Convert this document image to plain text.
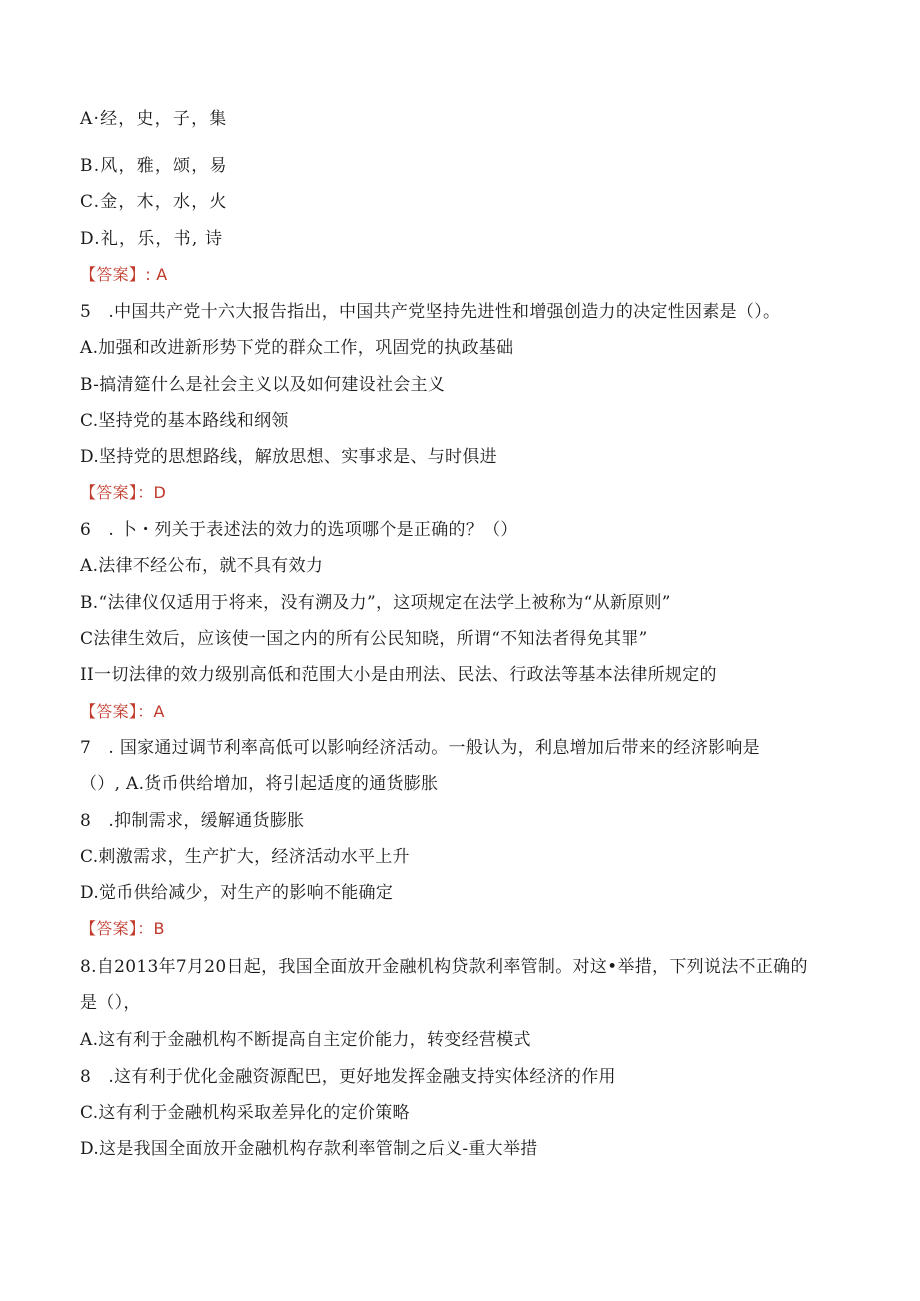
A·经，史，子，集
B.风，雅，颂，易
C.金，木，水，火
D.礼，乐，书, 诗
【答案】: A
5　.中国共产党十六大报告指出，中国共产党坚持先进性和增强创造力的决定性因素是（）。
A.加强和改进新形势下党的群众工作，巩固党的执政基础
B-搞清筵什么是社会主义以及如何建设社会主义
C.坚持党的基本路线和纲领
D.坚持党的思想路线，解放思想、实事求是、与时俱进
【答案】：D
6　. 卜・列关于表述法的效力的选项哪个是正确的？（）
A.法律不经公布，就不具有效力
B.“法律仪仅适用于将来，没有溯及力”，这项规定在法学上被称为“从新原则”
C法律生效后，应该使一国之内的所有公民知晓，所谓“不知法者得免其罪”
II一切法律的效力级别高低和范围大小是由刑法、民法、行政法等基本法律所规定的
【答案】：A
7　. 国家通过调节利率高低可以影响经济活动。一般认为，利息增加后带来的经济影响是
（）, A.货币供给增加，将引起适度的通货膨胀
8　.抑制需求，缓解通货膨胀
C.刺激需求，生产扩大，经济活动水平上升
D.觉币供给减少，对生产的影响不能确定
【答案】：B
8.自2013年7月20日起，我国全面放开金融机构贷款利率管制。对这•举措，下列说法不正确的
是（），
A.这有利于金融机构不断提高自主定价能力，转变经营模式
8　.这有利于优化金融资源配巴，更好地发挥金融支持实体经济的作用
C.这有利于金融机构采取差异化的定价策略
D.这是我国全面放开金融机构存款利率管制之后义-重大举措
